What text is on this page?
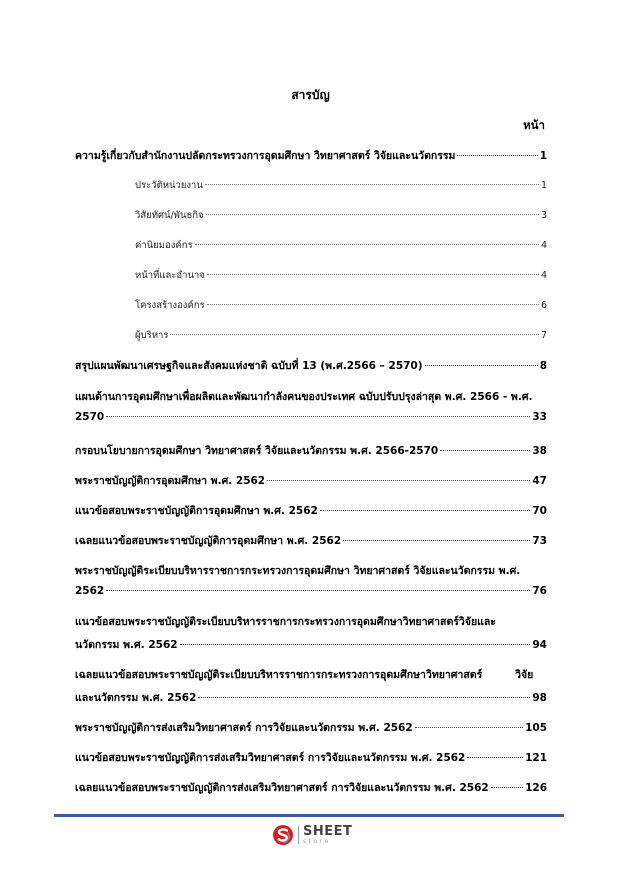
สารบัญ
หน้า
ความรู้เกี่ยวกับสำนักงานปลัดกระทรวงการอุดมศึกษา วิทยาศาสตร์ วิจัยและนวัตกรรม	1
ประวัติหน่วยงาน	1
วิสัยทัศน์/พันธกิจ	3
ค่านิยมองค์กร	4
หน้าที่และอำนาจ	4
โครงสร้างองค์กร	6
ผู้บริหาร	7
สรุปแผนพัฒนาเศรษฐกิจและสังคมแห่งชาติ ฉบับที่ 13 (พ.ศ.2566 – 2570)	8
แผนด้านการอุดมศึกษาเพื่อผลิตและพัฒนากำลังคนของประเทศ ฉบับปรับปรุงล่าสุด พ.ศ. 2566 - พ.ศ.
2570	33
กรอบนโยบายการอุดมศึกษา วิทยาศาสตร์ วิจัยและนวัตกรรม พ.ศ. 2566-2570	38
พระราชบัญญัติการอุดมศึกษา พ.ศ. 2562	47
แนวข้อสอบพระราชบัญญัติการอุดมศึกษา พ.ศ. 2562	70
เฉลยแนวข้อสอบพระราชบัญญัติการอุดมศึกษา พ.ศ. 2562	73
พระราชบัญญัติระเบียบบริหารราชการกระทรวงการอุดมศึกษา วิทยาศาสตร์ วิจัยและนวัตกรรม พ.ศ.
2562	76
แนวข้อสอบพระราชบัญญัติระเบียบบริหารราชการกระทรวงการอุดมศึกษาวิทยาศาสตร์วิจัยและ
นวัตกรรม พ.ศ. 2562	94
เฉลยแนวข้อสอบพระราชบัญญัติระเบียบบริหารราชการกระทรวงการอุดมศึกษาวิทยาศาสตร์         วิจัย
และนวัตกรรม พ.ศ. 2562	98
พระราชบัญญัติการส่งเสริมวิทยาศาสตร์ การวิจัยและนวัตกรรม พ.ศ. 2562	105
แนวข้อสอบพระราชบัญญัติการส่งเสริมวิทยาศาสตร์ การวิจัยและนวัตกรรม พ.ศ. 2562	121
เฉลยแนวข้อสอบพระราชบัญญัติการส่งเสริมวิทยาศาสตร์ การวิจัยและนวัตกรรม พ.ศ. 2562	126
SHEET
store
